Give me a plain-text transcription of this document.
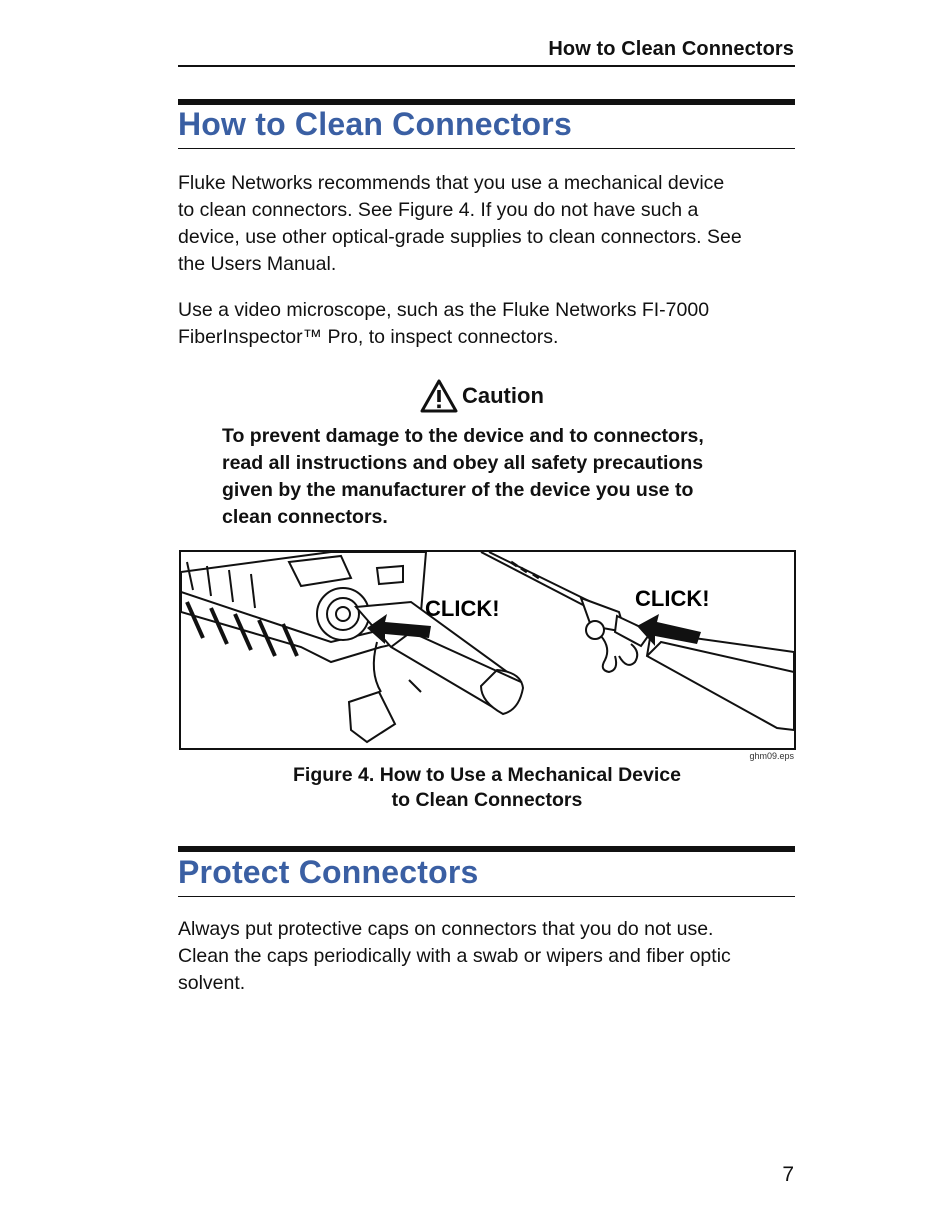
How to Clean Connectors
How to Clean Connectors

Fluke Networks recommends that you use a mechanical device
to clean connectors. See Figure 4. If you do not have such a
device, use other optical-grade supplies to clean connectors. See
the Users Manual.

Use a video microscope, such as the Fluke Networks FI-7000
FiberInspector™ Pro, to inspect connectors.

Caution

To prevent damage to the device and to connectors,
read all instructions and obey all safety precautions
given by the manufacturer of the device you use to
clean connectors.

CLICK!	CLICK!
ghm09.eps
Figure 4. How to Use a Mechanical Device
to Clean Connectors
Protect Connectors

Always put protective caps on connectors that you do not use.
Clean the caps periodically with a swab or wipers and fiber optic
solvent.

7
